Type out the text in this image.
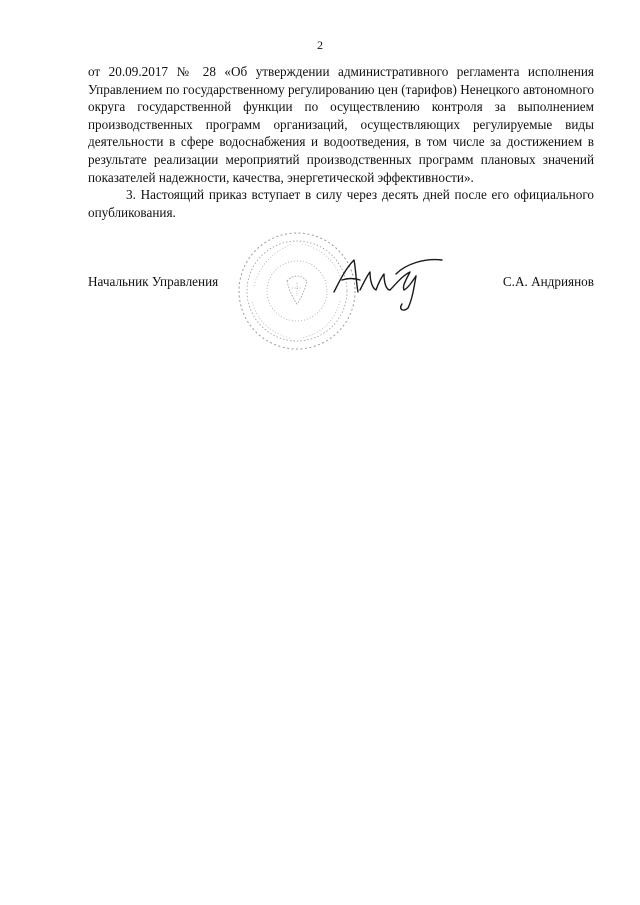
2

от 20.09.2017 № 28 «Об утверждении административного регламента исполнения Управлением по государственному регулированию цен (тарифов) Ненецкого автономного округа государственной функции по осуществлению контроля за выполнением производственных программ организаций, осуществляющих регулируемые виды деятельности в сфере водоснабжения и водоотведения, в том числе за достижением в результате реализации мероприятий производственных программ плановых значений показателей надежности, качества, энергетической эффективности».

3. Настоящий приказ вступает в силу через десять дней после его официального опубликования.

Начальник Управления	С.А. Андриянов
